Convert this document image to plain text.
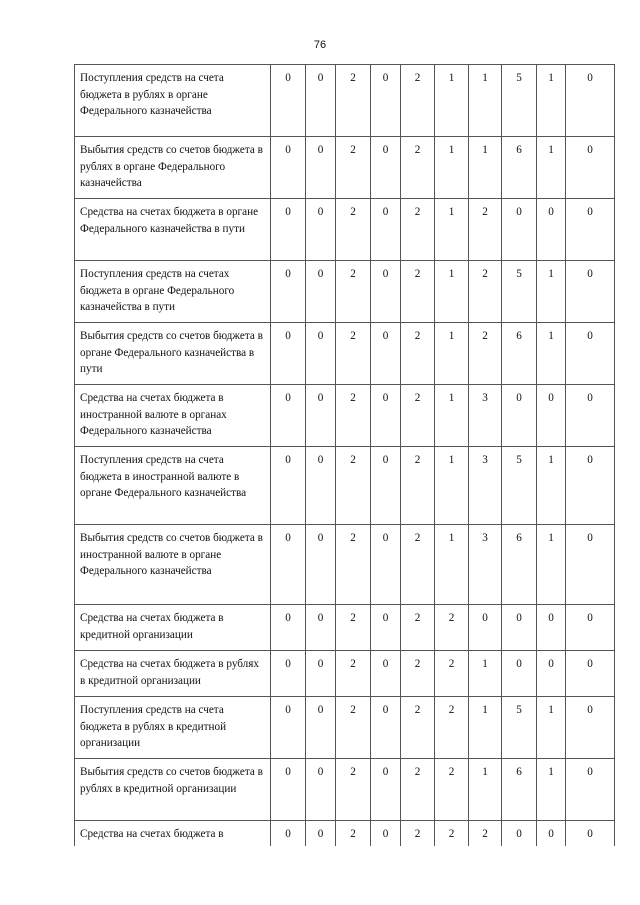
76
Поступления средств на счета бюджета в рублях в органе Федерального казначейства	0	0	2	0	2	1	1	5	1	0
Выбытия средств со счетов бюджета в рублях в органе Федерального казначейства	0	0	2	0	2	1	1	6	1	0
Средства на счетах бюджета в органе Федерального казначейства в пути	0	0	2	0	2	1	2	0	0	0
Поступления средств на счетах бюджета в органе Федерального казначейства в пути	0	0	2	0	2	1	2	5	1	0
Выбытия средств со счетов бюджета в органе Федерального казначейства в пути	0	0	2	0	2	1	2	6	1	0
Средства на счетах бюджета в иностранной валюте в органах Федерального казначейства	0	0	2	0	2	1	3	0	0	0
Поступления средств на счета бюджета в иностранной валюте в органе Федерального казначейства	0	0	2	0	2	1	3	5	1	0
Выбытия средств со счетов бюджета в иностранной валюте в органе Федерального казначейства	0	0	2	0	2	1	3	6	1	0
Средства на счетах бюджета в кредитной организации	0	0	2	0	2	2	0	0	0	0
Средства на счетах бюджета в рублях в кредитной организации	0	0	2	0	2	2	1	0	0	0
Поступления средств на счета бюджета в рублях в кредитной организации	0	0	2	0	2	2	1	5	1	0
Выбытия средств со счетов бюджета в рублях в кредитной организации	0	0	2	0	2	2	1	6	1	0
Средства на счетах бюджета в	0	0	2	0	2	2	2	0	0	0
